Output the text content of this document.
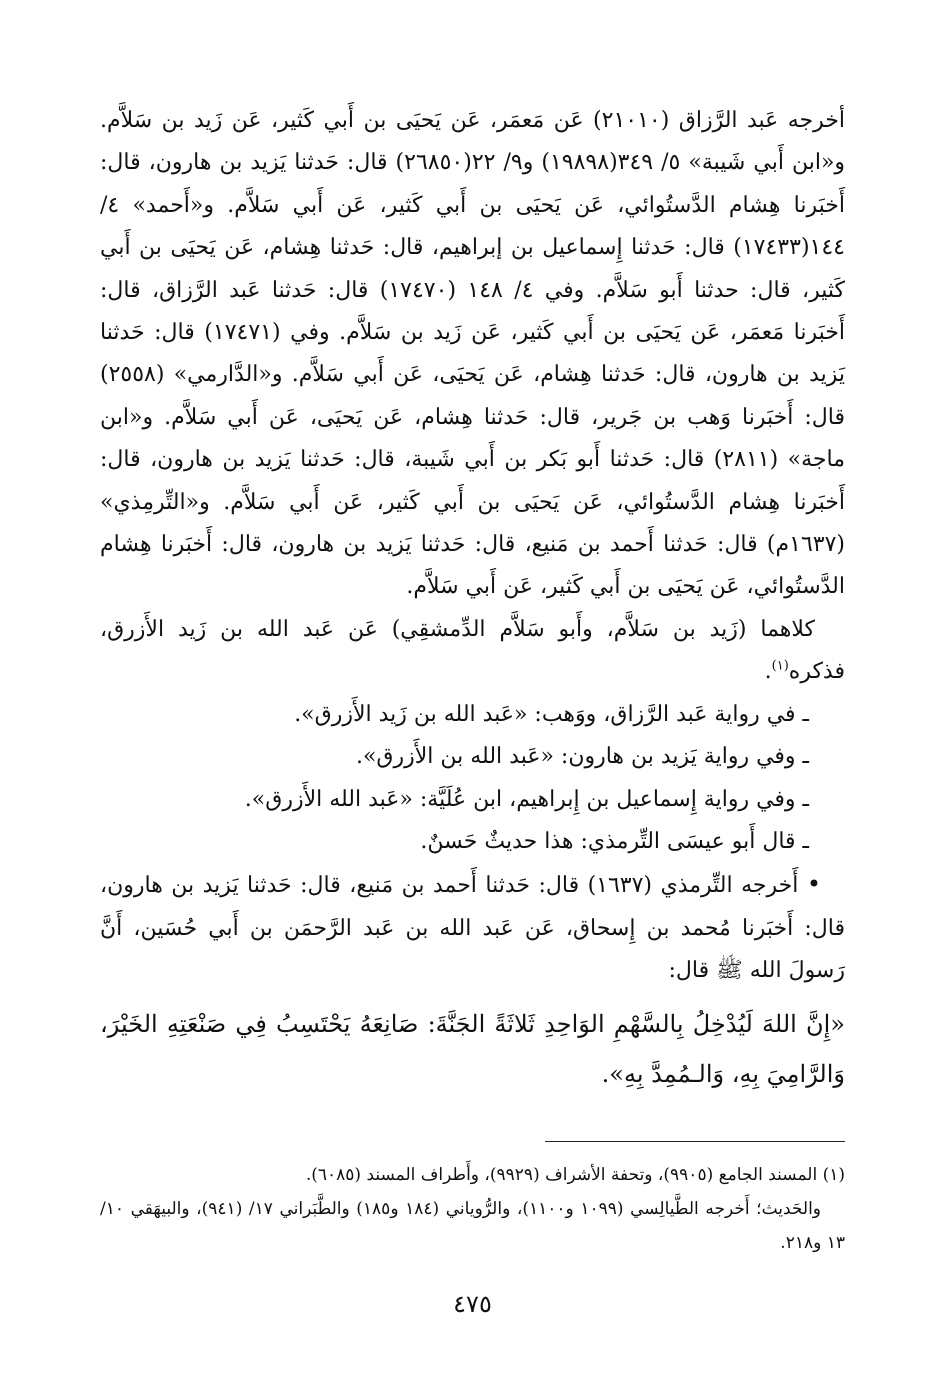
أخرجه عَبد الرَّزاق (٢١٠١٠) عَن مَعمَر، عَن يَحيَى بن أَبي كَثير، عَن زَيد بن سَلاَّم. و«ابن أَبي شَيبة» ٥/ ٣٤٩(١٩٨٩٨) و٩/ ٢٢(٢٦٨٥٠) قال: حَدثنا يَزيد بن هارون، قال: أَخبَرنا هِشام الدَّستُوائي، عَن يَحيَى بن أَبي كَثير، عَن أَبي سَلاَّم. و«أَحمد» ٤/ ١٤٤(١٧٤٣٣) قال: حَدثنا إِسماعيل بن إبراهيم، قال: حَدثنا هِشام، عَن يَحيَى بن أَبي كَثير، قال: حدثنا أَبو سَلاَّم. وفي ٤/ ١٤٨ (١٧٤٧٠) قال: حَدثنا عَبد الرَّزاق، قال: أَخبَرنا مَعمَر، عَن يَحيَى بن أَبي كَثير، عَن زَيد بن سَلاَّم. وفي (١٧٤٧١) قال: حَدثنا يَزيد بن هارون، قال: حَدثنا هِشام، عَن يَحيَى، عَن أَبي سَلاَّم. و«الدَّارمي» (٢٥٥٨) قال: أَخبَرنا وَهب بن جَرير، قال: حَدثنا هِشام، عَن يَحيَى، عَن أَبي سَلاَّم. و«ابن ماجة» (٢٨١١) قال: حَدثنا أَبو بَكر بن أَبي شَيبة، قال: حَدثنا يَزيد بن هارون، قال: أَخبَرنا هِشام الدَّستُوائي، عَن يَحيَى بن أَبي كَثير، عَن أَبي سَلاَّم. و«التِّرمِذي» (١٦٣٧م) قال: حَدثنا أَحمد بن مَنيع، قال: حَدثنا يَزيد بن هارون، قال: أَخبَرنا هِشام الدَّستُوائي، عَن يَحيَى بن أَبي كَثير، عَن أَبي سَلاَّم.

كلاهما (زَيد بن سَلاَّم، وأَبو سَلاَّم الدِّمشقِي) عَن عَبد الله بن زَيد الأَزرق، فذكره$^{(١)}$.

ـ في رواية عَبد الرَّزاق، ووَهب: «عَبد الله بن زَيد الأَزرق».

ـ وفي رواية يَزيد بن هارون: «عَبد الله بن الأَزرق».

ـ وفي رواية إِسماعيل بن إِبراهيم، ابن عُلَيَّة: «عَبد الله الأَزرق».

ـ قال أَبو عيسَى التِّرمذي: هذا حديثٌ حَسنٌ.

• أَخرجه التِّرمذي (١٦٣٧) قال: حَدثنا أَحمد بن مَنيع، قال: حَدثنا يَزيد بن هارون، قال: أَخبَرنا مُحمد بن إِسحاق، عَن عَبد الله بن عَبد الرَّحمَن بن أَبي حُسَين، أَنَّ رَسولَ الله ﷺ قال:

«إِنَّ اللهَ لَيُدْخِلُ بِالسَّهْمِ الوَاحِدِ ثَلاثَةً الجَنَّةَ: صَانِعَهُ يَحْتَسِبُ فِي صَنْعَتِهِ الخَيْرَ، وَالرَّامِيَ بِهِ، وَالـمُمِدَّ بِهِ».

(١) المسند الجامع (٩٩٠٥)، وتحفة الأشراف (٩٩٢٩)، وأَطراف المسند (٦٠٨٥).

والحَديث؛ أَخرجه الطَّيالِسي (١٠٩٩ و١١٠٠)، والرُّوياني (١٨٤ و١٨٥) والطَّبَراني ١٧/ (٩٤١)، والبيهَقي ١٠/ ١٣ و٢١٨.

٤٧٥
